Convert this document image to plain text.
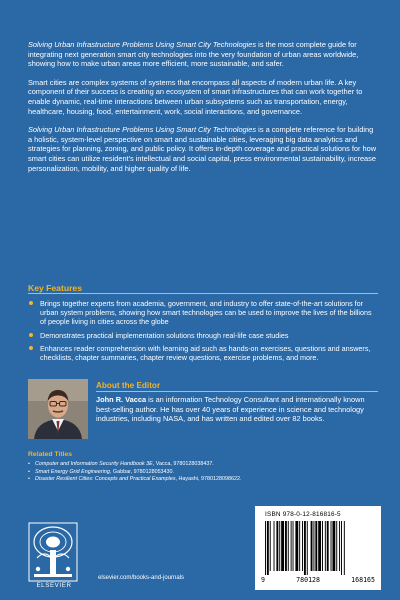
Solving Urban Infrastructure Problems Using Smart City Technologies is the most complete guide for integrating next generation smart city technologies into the very foundation of urban areas worldwide, showing how to make urban areas more efficient, more sustainable, and safer.

Smart cities are complex systems of systems that encompass all aspects of modern urban life. A key component of their success is creating an ecosystem of smart infrastructures that can work together to enable dynamic, real-time interactions between urban subsystems such as transportation, energy, healthcare, housing, food, entertainment, work, social interactions, and governance.

Solving Urban Infrastructure Problems Using Smart City Technologies is a complete reference for building a holistic, system-level perspective on smart and sustainable cities, leveraging big data analytics and strategies for planning, zoning, and public policy. It offers in-depth coverage and practical solutions for how smart cities can utilize resident's intellectual and social capital, press environmental sustainability, increase personalization, mobility, and higher quality of life.

Key Features
Brings together experts from academia, government, and industry to offer state-of-the-art solutions for urban system problems, showing how smart technologies can be used to improve the lives of the billions of people living in cities across the globe
Demonstrates practical implementation solutions through real-life case studies
Enhances reader comprehension with learning aid such as hands-on exercises, questions and answers, checklists, chapter summaries, chapter review questions, exercise problems, and more.
About the Editor

John R. Vacca is an information Technology Consultant and internationally known best-selling author. He has over 40 years of experience in science and technology industries, including NASA, and has written and edited over 82 books.

Related Titles
• Computer and Information Security Handbook 3E, Vacca, 9780128038437.
• Smart Energy Grid Engineering, Gabbar, 9780128053430.
• Disaster Resilient Cities: Concepts and Practical Examples, Hayashi, 9780128098622.
ELSEVIER
elsevier.com/books-and-journals
ISBN 978-0-12-816816-5
9	780128	168165
